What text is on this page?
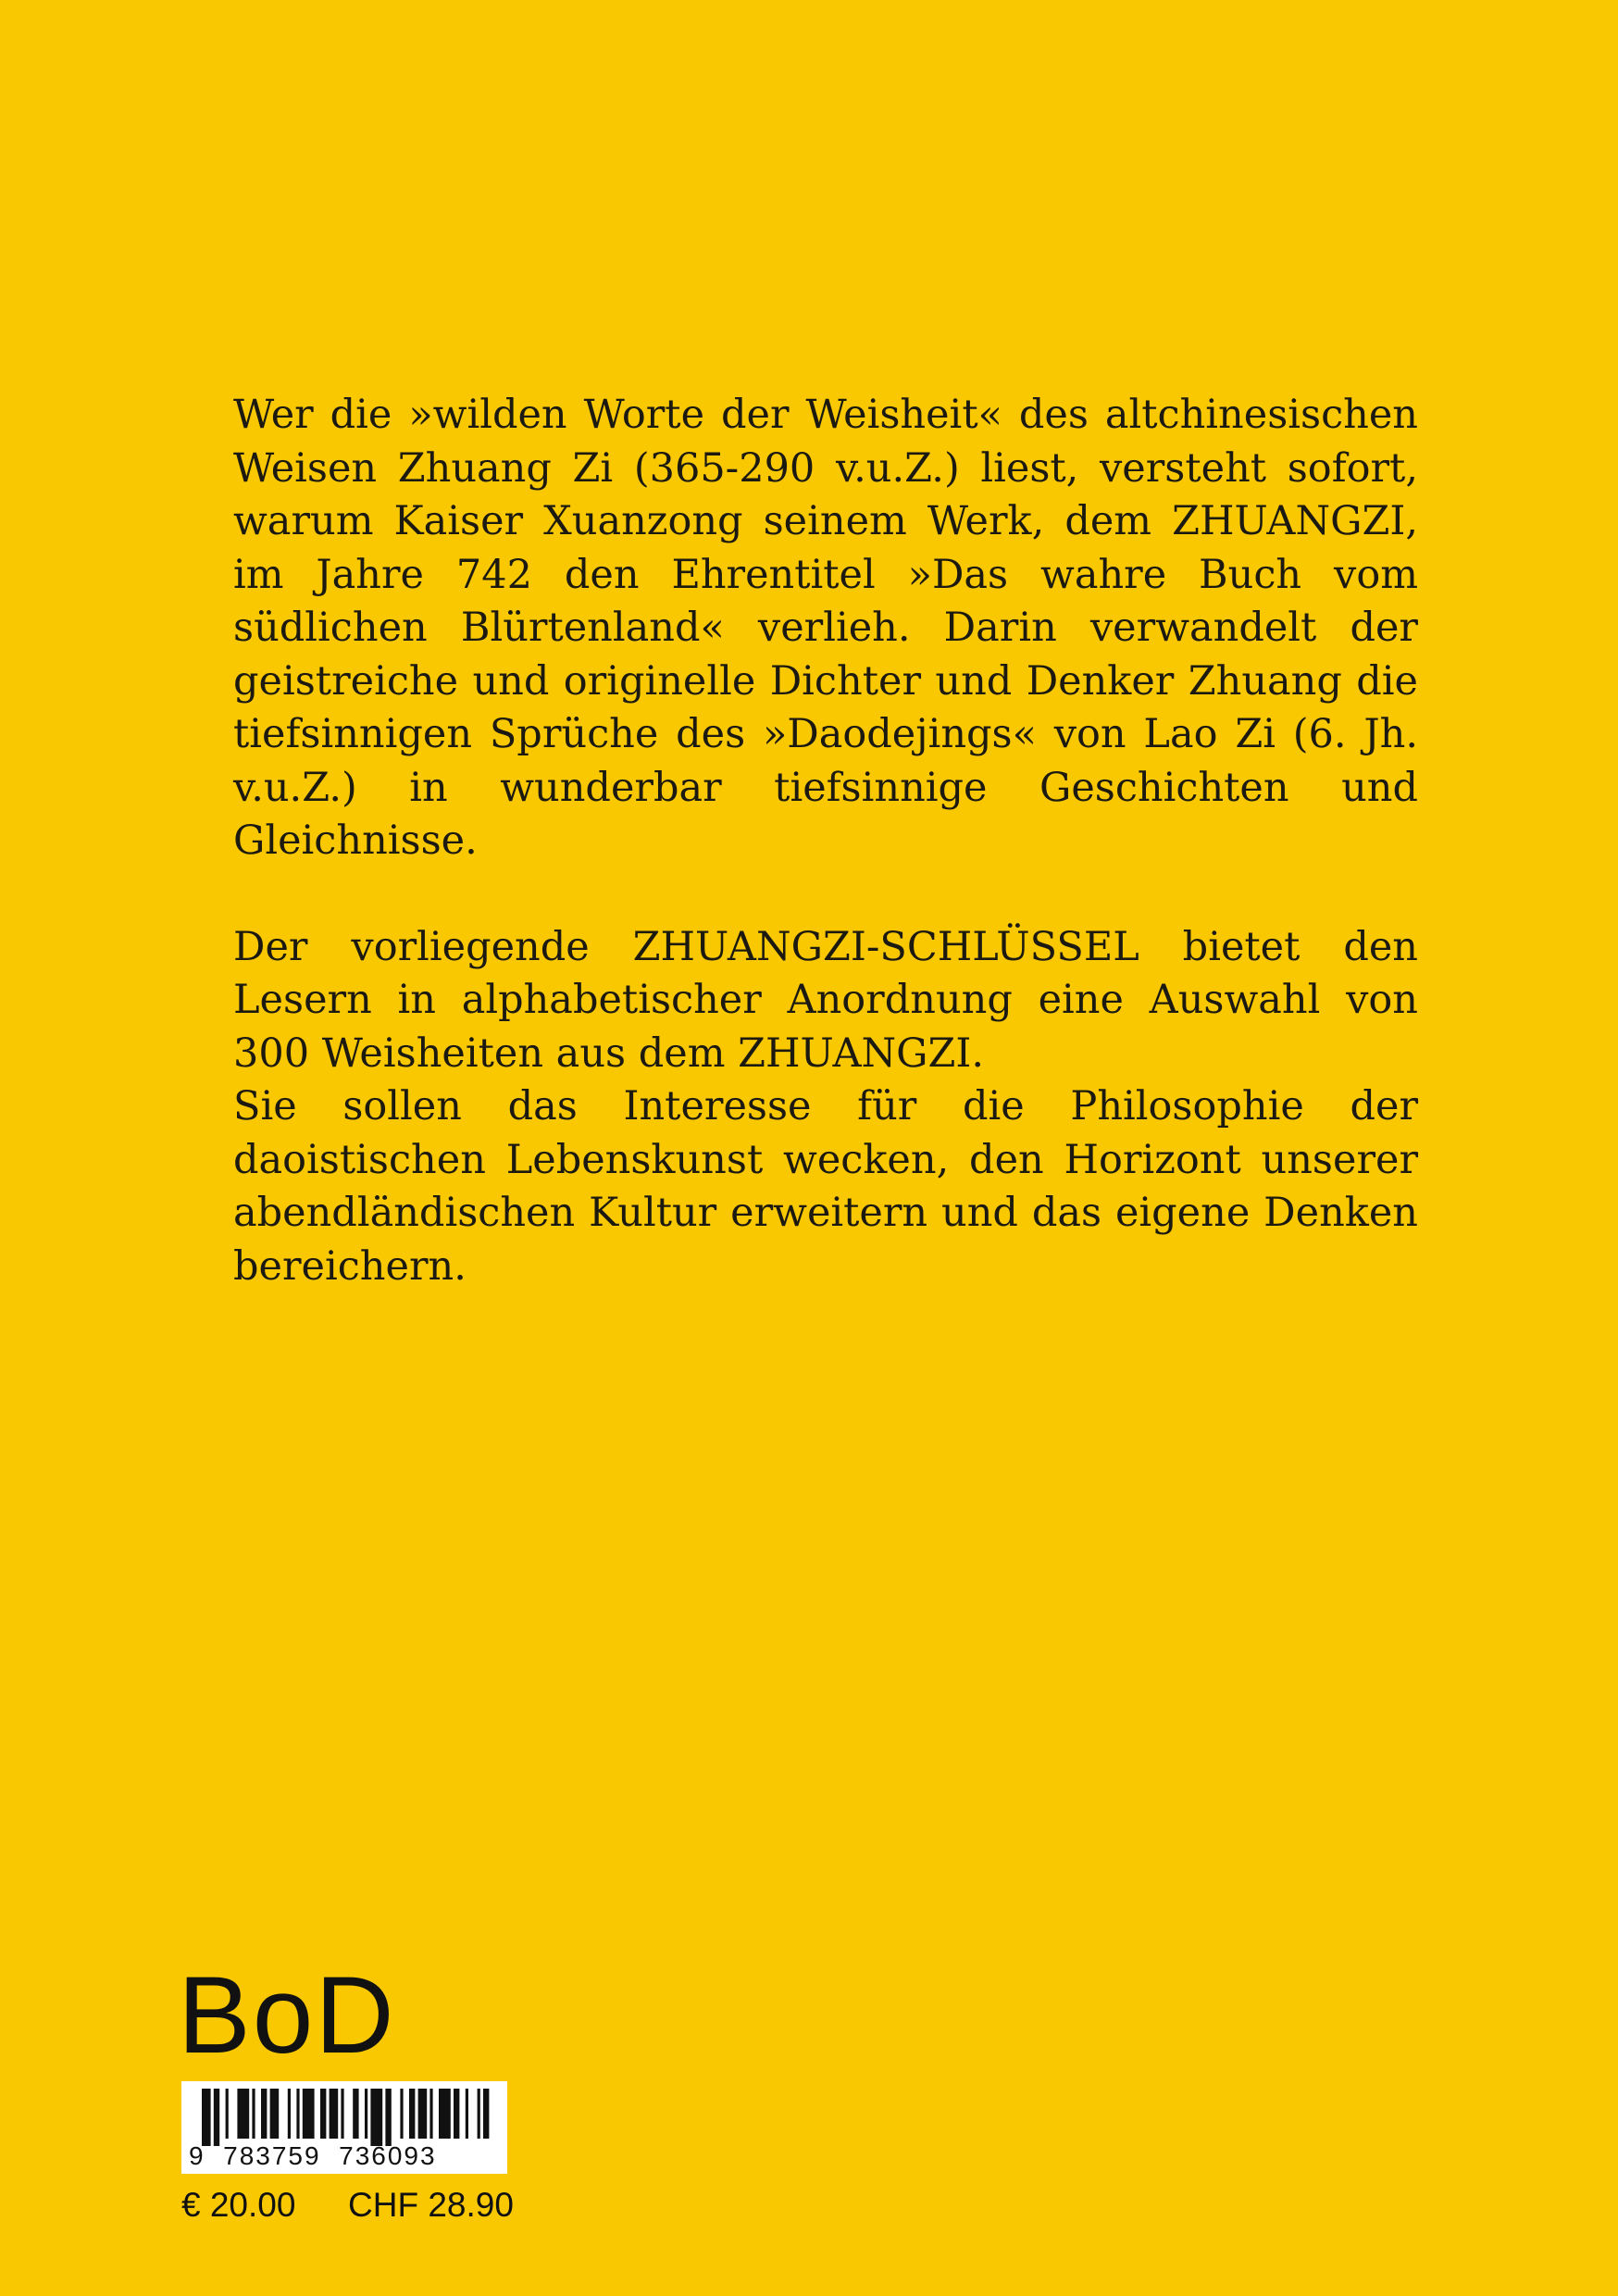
Wer die »wilden Worte der Weisheit« des altchinesischen Weisen Zhuang Zi (365-290 v.u.Z.) liest, versteht sofort, warum Kaiser Xuanzong seinem Werk, dem ZHUANGZI, im Jahre 742 den Ehrentitel »Das wahre Buch vom südlichen Blürtenland« verlieh. Darin verwandelt der geistreiche und originelle Dichter und Denker Zhuang die tiefsinnigen Sprüche des »Daodejings« von Lao Zi (6. Jh. v.u.Z.) in wunderbar tiefsinnige Geschichten und Gleichnisse.

Der vorliegende ZHUANGZI-SCHLÜSSEL bietet den Lesern in alphabetischer Anordnung eine Auswahl von 300 Weisheiten aus dem ZHUANGZI.

Sie sollen das Interesse für die Philosophie der daoistischen Lebenskunst wecken, den Horizont unserer abendländischen Kultur erweitern und das eigene Denken bereichern.

BoD
9  783759  736093
€ 20.00 CHF 28.90
